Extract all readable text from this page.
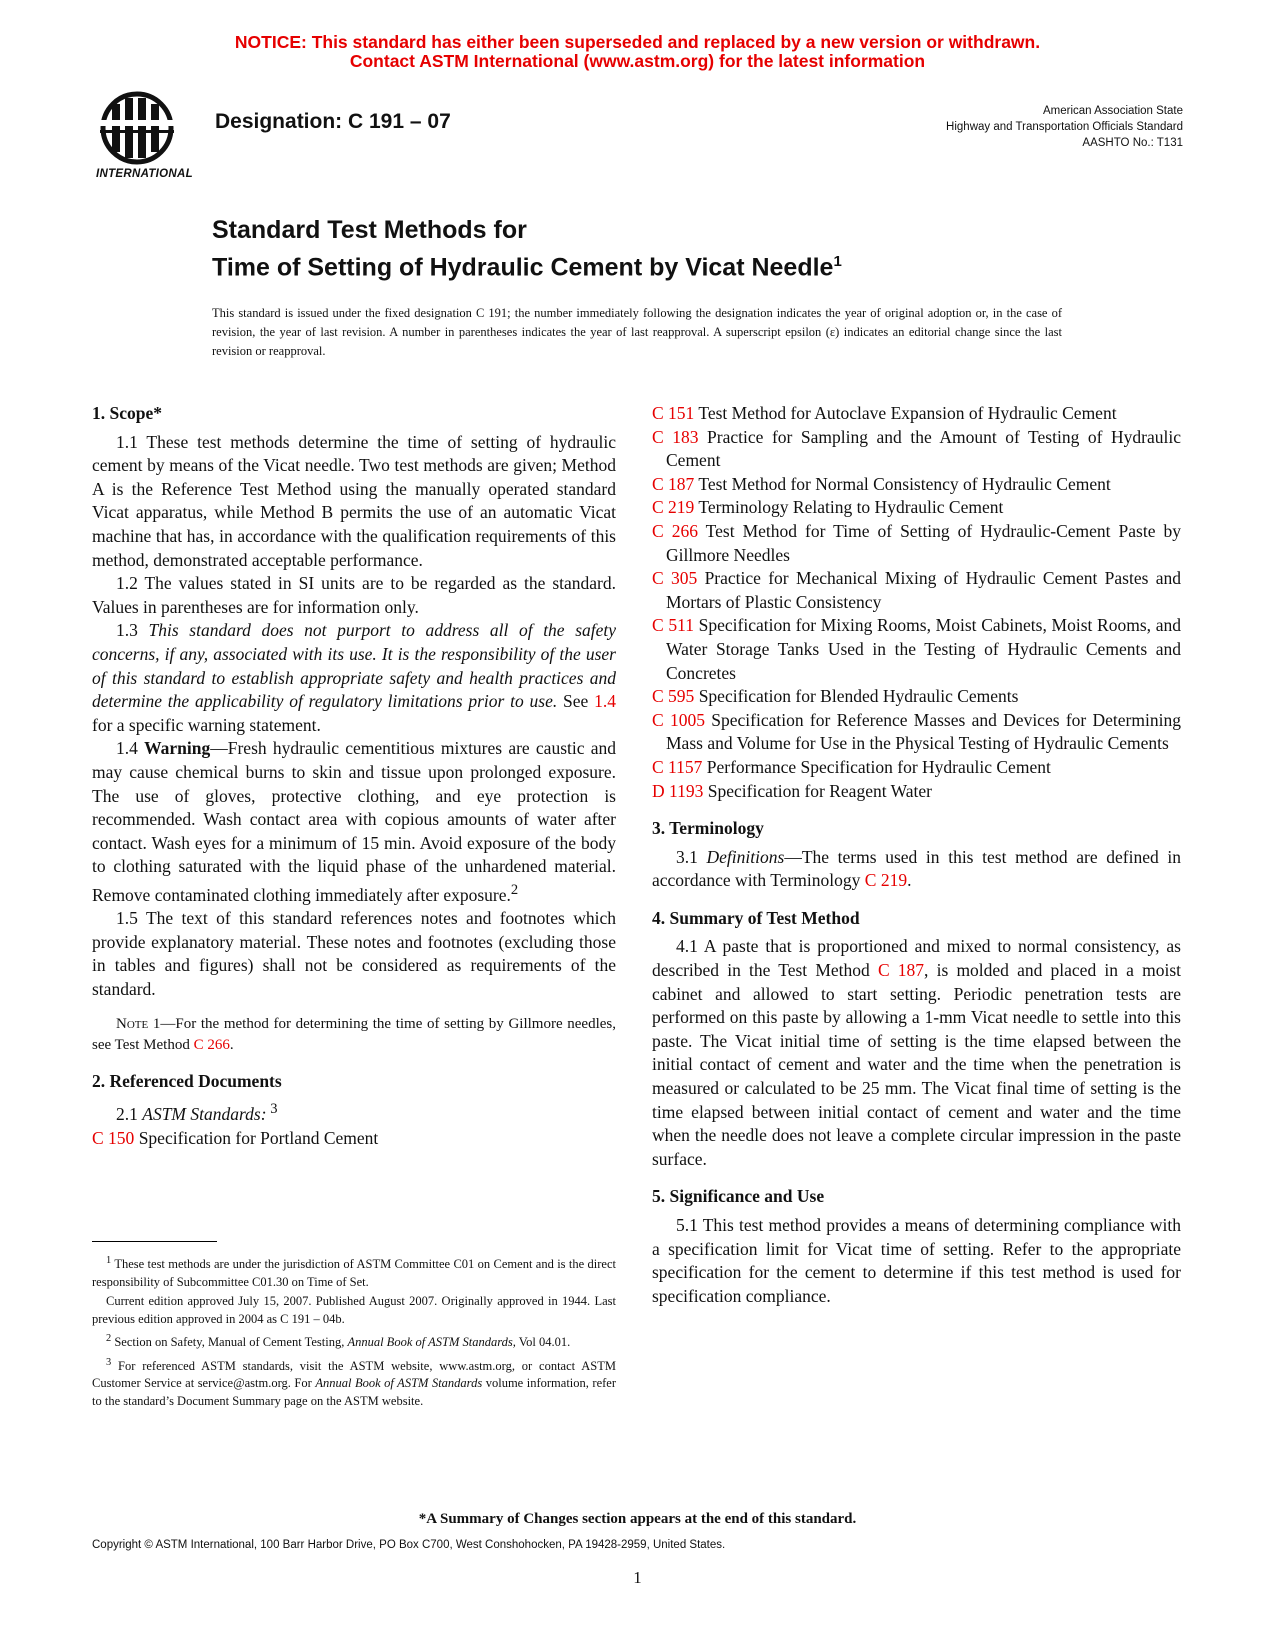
NOTICE: This standard has either been superseded and replaced by a new version or withdrawn.
Contact ASTM International (www.astm.org) for the latest information
INTERNATIONAL
Designation: C 191 – 07	American Association State
Highway and Transportation Officials Standard
AASHTO No.: T131
Standard Test Methods for
Time of Setting of Hydraulic Cement by Vicat Needle$^1$
This standard is issued under the fixed designation C 191; the number immediately following the designation indicates the year of original adoption or, in the case of revision, the year of last revision. A number in parentheses indicates the year of last reapproval. A superscript epsilon (ε) indicates an editorial change since the last revision or reapproval.

1. Scope*

1.1 These test methods determine the time of setting of hydraulic cement by means of the Vicat needle. Two test methods are given; Method A is the Reference Test Method using the manually operated standard Vicat apparatus, while Method B permits the use of an automatic Vicat machine that has, in accordance with the qualification requirements of this method, demonstrated acceptable performance.

1.2 The values stated in SI units are to be regarded as the standard. Values in parentheses are for information only.

1.3 This standard does not purport to address all of the safety concerns, if any, associated with its use. It is the responsibility of the user of this standard to establish appropriate safety and health practices and determine the applicability of regulatory limitations prior to use. See 1.4 for a specific warning statement.

1.4 Warning—Fresh hydraulic cementitious mixtures are caustic and may cause chemical burns to skin and tissue upon prolonged exposure. The use of gloves, protective clothing, and eye protection is recommended. Wash contact area with copious amounts of water after contact. Wash eyes for a minimum of 15 min. Avoid exposure of the body to clothing saturated with the liquid phase of the unhardened material. Remove contaminated clothing immediately after exposure.$^2$

1.5 The text of this standard references notes and footnotes which provide explanatory material. These notes and footnotes (excluding those in tables and figures) shall not be considered as requirements of the standard.

Note 1—For the method for determining the time of setting by Gillmore needles, see Test Method C 266.

2. Referenced Documents

2.1 ASTM Standards: $^3$

C 150 Specification for Portland Cement

$^1$ These test methods are under the jurisdiction of ASTM Committee C01 on Cement and is the direct responsibility of Subcommittee C01.30 on Time of Set.

Current edition approved July 15, 2007. Published August 2007. Originally approved in 1944. Last previous edition approved in 2004 as C 191 – 04b.

$^2$ Section on Safety, Manual of Cement Testing, Annual Book of ASTM Standards, Vol 04.01.

$^3$ For referenced ASTM standards, visit the ASTM website, www.astm.org, or contact ASTM Customer Service at service@astm.org. For Annual Book of ASTM Standards volume information, refer to the standard’s Document Summary page on the ASTM website.

C 151 Test Method for Autoclave Expansion of Hydraulic Cement
C 183 Practice for Sampling and the Amount of Testing of Hydraulic Cement
C 187 Test Method for Normal Consistency of Hydraulic Cement
C 219 Terminology Relating to Hydraulic Cement
C 266 Test Method for Time of Setting of Hydraulic-Cement Paste by Gillmore Needles
C 305 Practice for Mechanical Mixing of Hydraulic Cement Pastes and Mortars of Plastic Consistency
C 511 Specification for Mixing Rooms, Moist Cabinets, Moist Rooms, and Water Storage Tanks Used in the Testing of Hydraulic Cements and Concretes
C 595 Specification for Blended Hydraulic Cements
C 1005 Specification for Reference Masses and Devices for Determining Mass and Volume for Use in the Physical Testing of Hydraulic Cements
C 1157 Performance Specification for Hydraulic Cement
D 1193 Specification for Reagent Water

3. Terminology

3.1 Definitions—The terms used in this test method are defined in accordance with Terminology C 219.

4. Summary of Test Method

4.1 A paste that is proportioned and mixed to normal consistency, as described in the Test Method C 187, is molded and placed in a moist cabinet and allowed to start setting. Periodic penetration tests are performed on this paste by allowing a 1-mm Vicat needle to settle into this paste. The Vicat initial time of setting is the time elapsed between the initial contact of cement and water and the time when the penetration is measured or calculated to be 25 mm. The Vicat final time of setting is the time elapsed between initial contact of cement and water and the time when the needle does not leave a complete circular impression in the paste surface.

5. Significance and Use

5.1 This test method provides a means of determining compliance with a specification limit for Vicat time of setting. Refer to the appropriate specification for the cement to determine if this test method is used for specification compliance.

*A Summary of Changes section appears at the end of this standard.
Copyright © ASTM International, 100 Barr Harbor Drive, PO Box C700, West Conshohocken, PA 19428-2959, United States.
1
